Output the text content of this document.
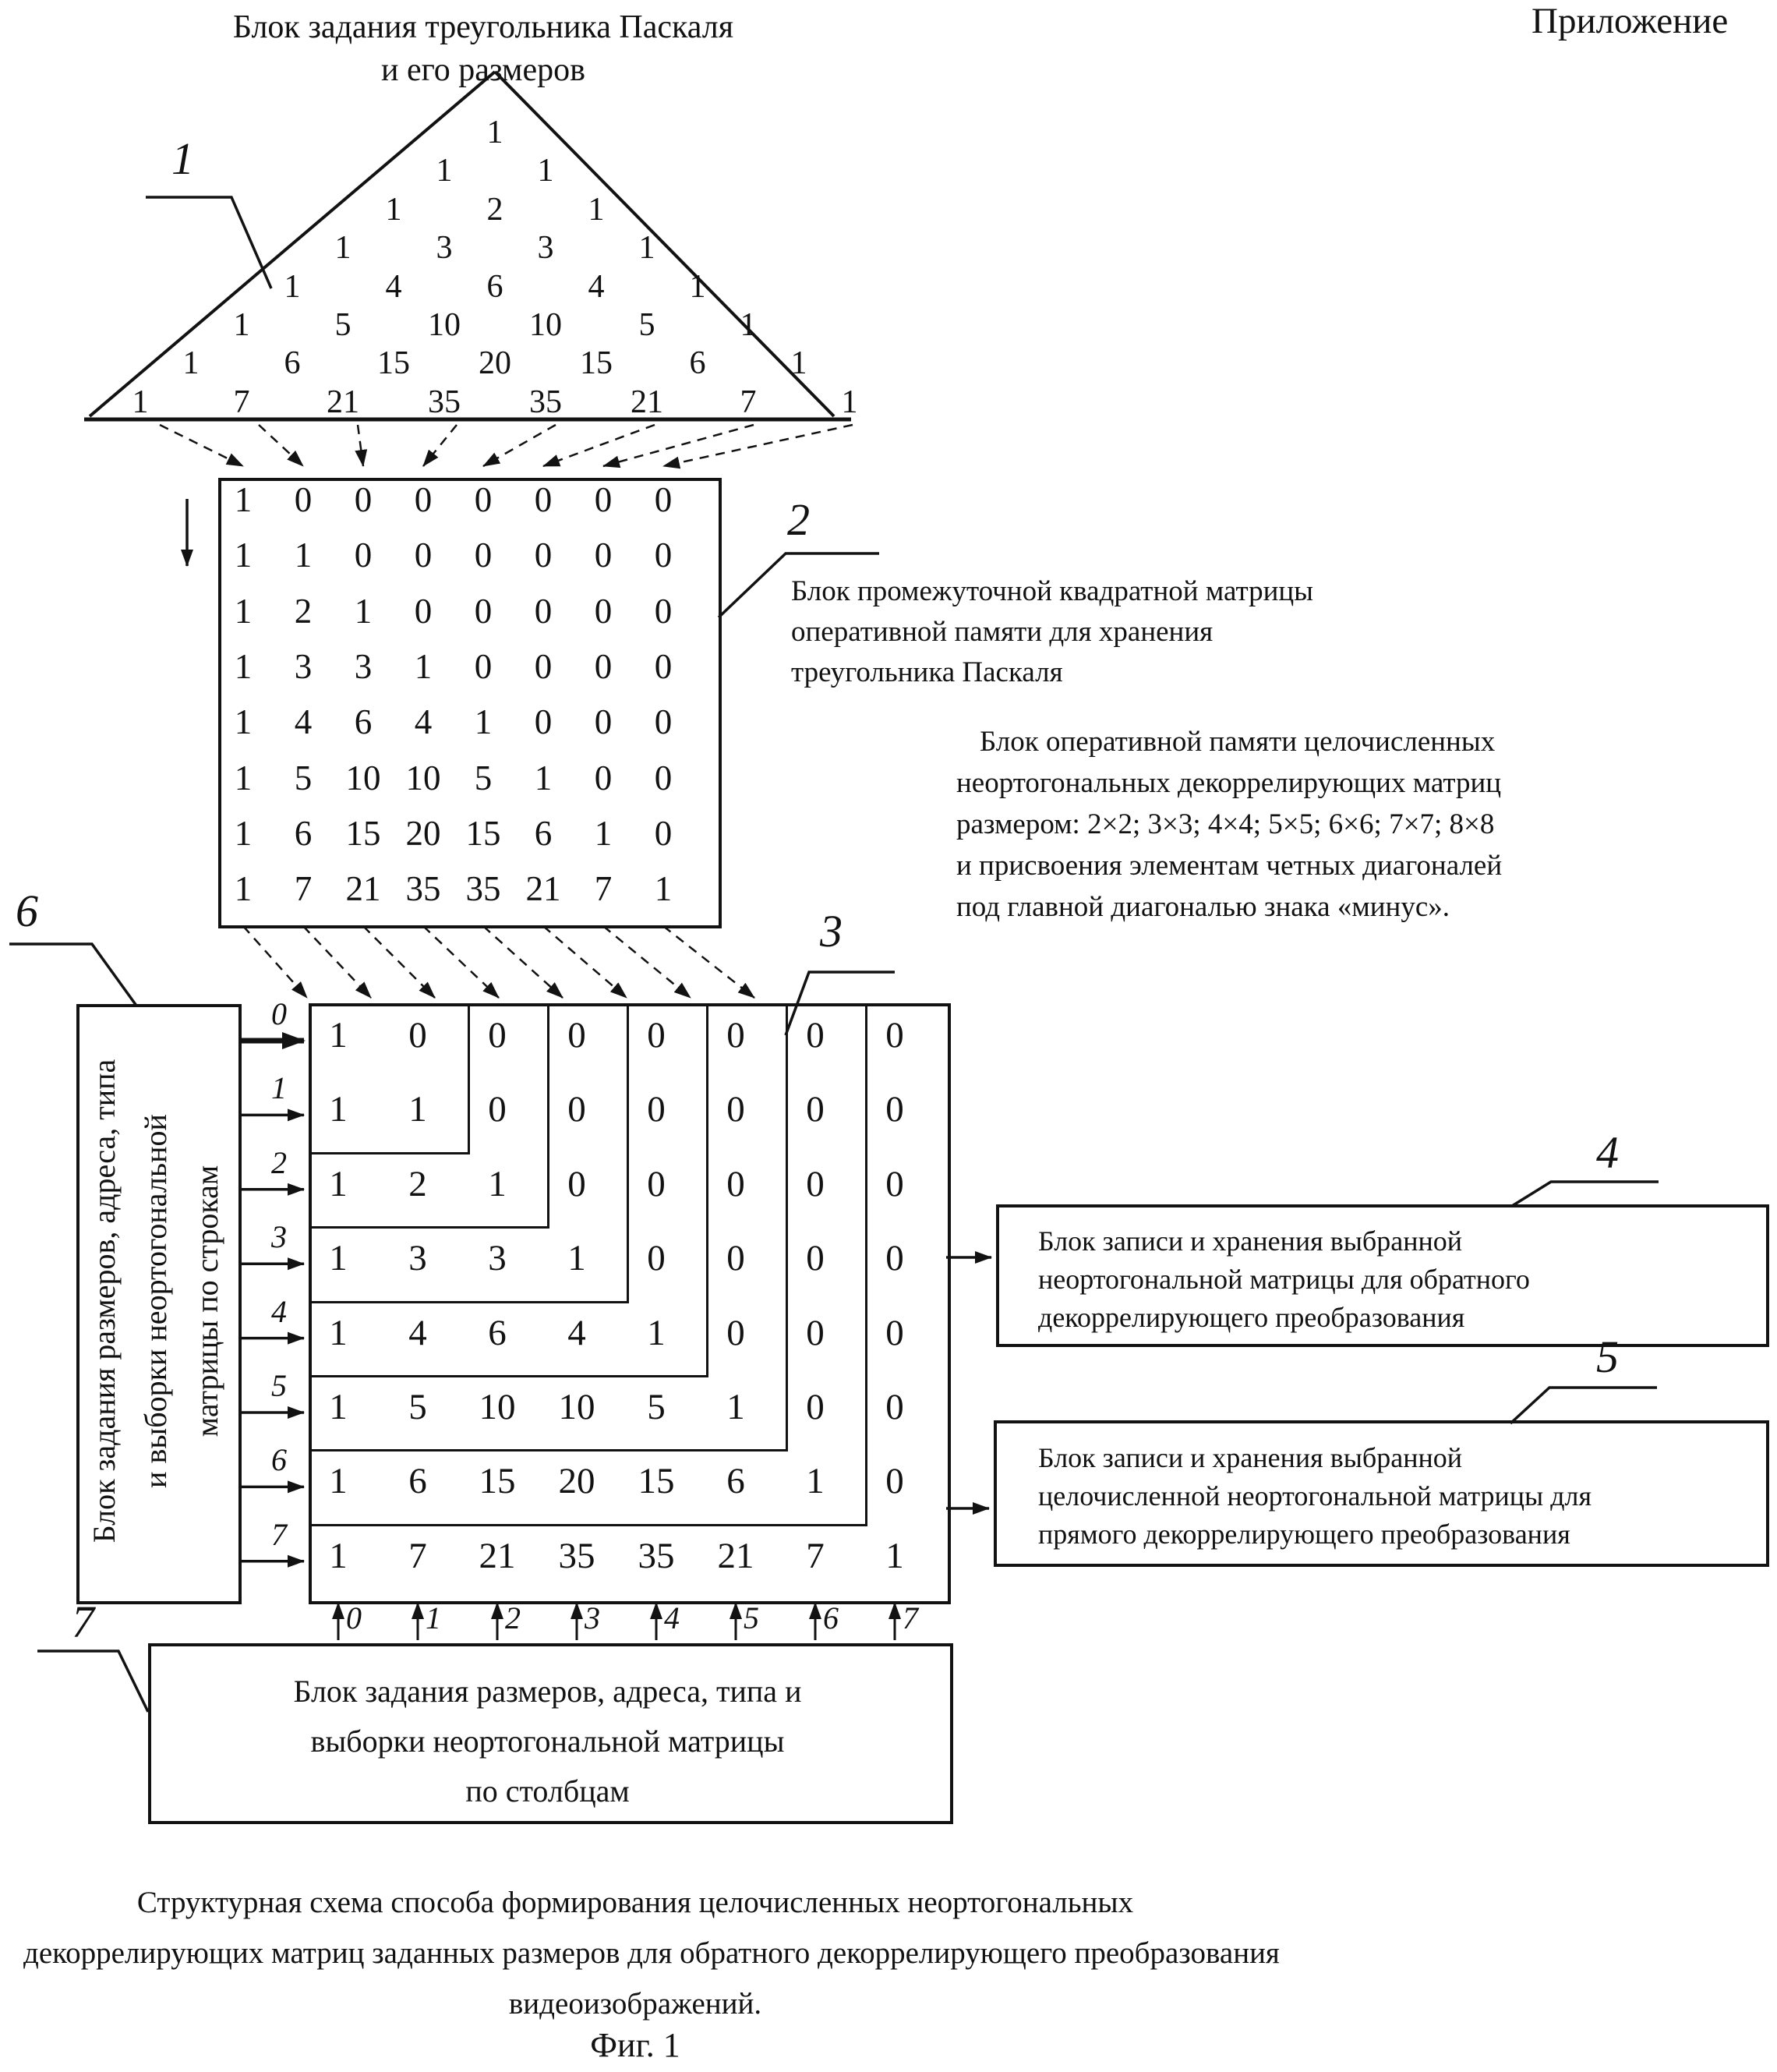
Блок задания треугольника Паскаля
и его размеров
Приложение
1
2
3
4
5
6
7
Фиг. 1
1
1	1
1	2	1
1	3	3	1
1	4	6	4	1
1	5	10	10	5	1
1	6	15	20	15	6	1
1	7	21	35	35	21	7	1
1	0	0	0	0	0	0	0
1	1	0	0	0	0	0	0
1	2	1	0	0	0	0	0
1	3	3	1	0	0	0	0
1	4	6	4	1	0	0	0
1	5 10 10 5	1	0	0
1	6 15 20 15 6	1	0
1	7 21 35 35 21 7	1
1	0	0	0	0	0	0	0
1	1	0	0	0	0	0	0
1	2	1	0	0	0	0	0
1	3	3	1	0	0	0	0
1	4	6	4	1	0	0	0
1	5	10	10	5	1	0	0
1	6	15	20	15	6	1	0
1	7	21	35	35	21	7	1
0
1
2
3
4
5
6
7
0 1 2 3 4 5 6 7
Блок промежуточной квадратной матрицы
оперативной памяти для хранения
треугольника Паскаля
Блок оперативной памяти целочисленных
неортогональных декоррелирующих матриц
размером: 2×2; 3×3; 4×4; 5×5; 6×6; 7×7; 8×8
и присвоения элементам четных диагоналей
под главной диагональю знака «минус».
Блок записи и хранения выбранной
неортогональной матрицы для обратного
декоррелирующего преобразования
Блок записи и хранения выбранной
целочисленной неортогональной матрицы для
прямого декоррелирующего преобразования
Блок задания размеров, адреса, типа и
выборки неортогональной матрицы
по столбцам
Структурная схема способа формирования целочисленных неортогональных
декоррелирующих матриц заданных размеров для обратного декоррелирующего преобразования
видеоизображений.
Блок задания размеров, адреса, типа и выборки неортогональной матрицы по строкам
